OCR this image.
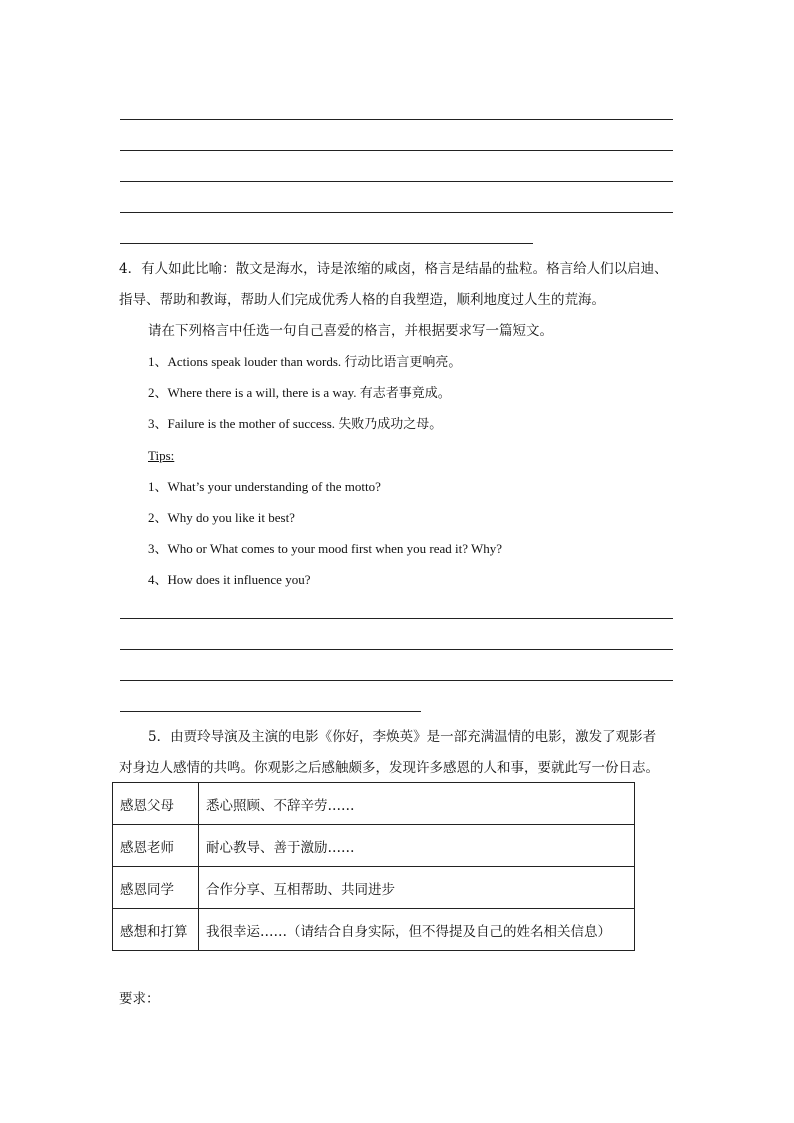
4．有人如此比喻：散文是海水，诗是浓缩的咸卤，格言是结晶的盐粒。格言给人们以启迪、
指导、帮助和教诲，帮助人们完成优秀人格的自我塑造，顺利地度过人生的荒海。
请在下列格言中任选一句自己喜爱的格言，并根据要求写一篇短文。
1、Actions speak louder than words. 行动比语言更响亮。
2、Where there is a will, there is a way. 有志者事竟成。
3、Failure is the mother of success. 失败乃成功之母。
Tips:
1、What’s your understanding of the motto?
2、Why do you like it best?
3、Who or What comes to your mood first when you read it? Why?
4、How does it influence you?
5．由贾玲导演及主演的电影《你好，李焕英》是一部充满温情的电影，激发了观影者
对身边人感情的共鸣。你观影之后感触颇多，发现许多感恩的人和事，要就此写一份日志。
感恩父母	悉心照顾、不辞辛劳……
感恩老师	耐心教导、善于激励……
感恩同学	合作分享、互相帮助、共同进步
感想和打算	我很幸运……（请结合自身实际，但不得提及自己的姓名相关信息）
要求：
